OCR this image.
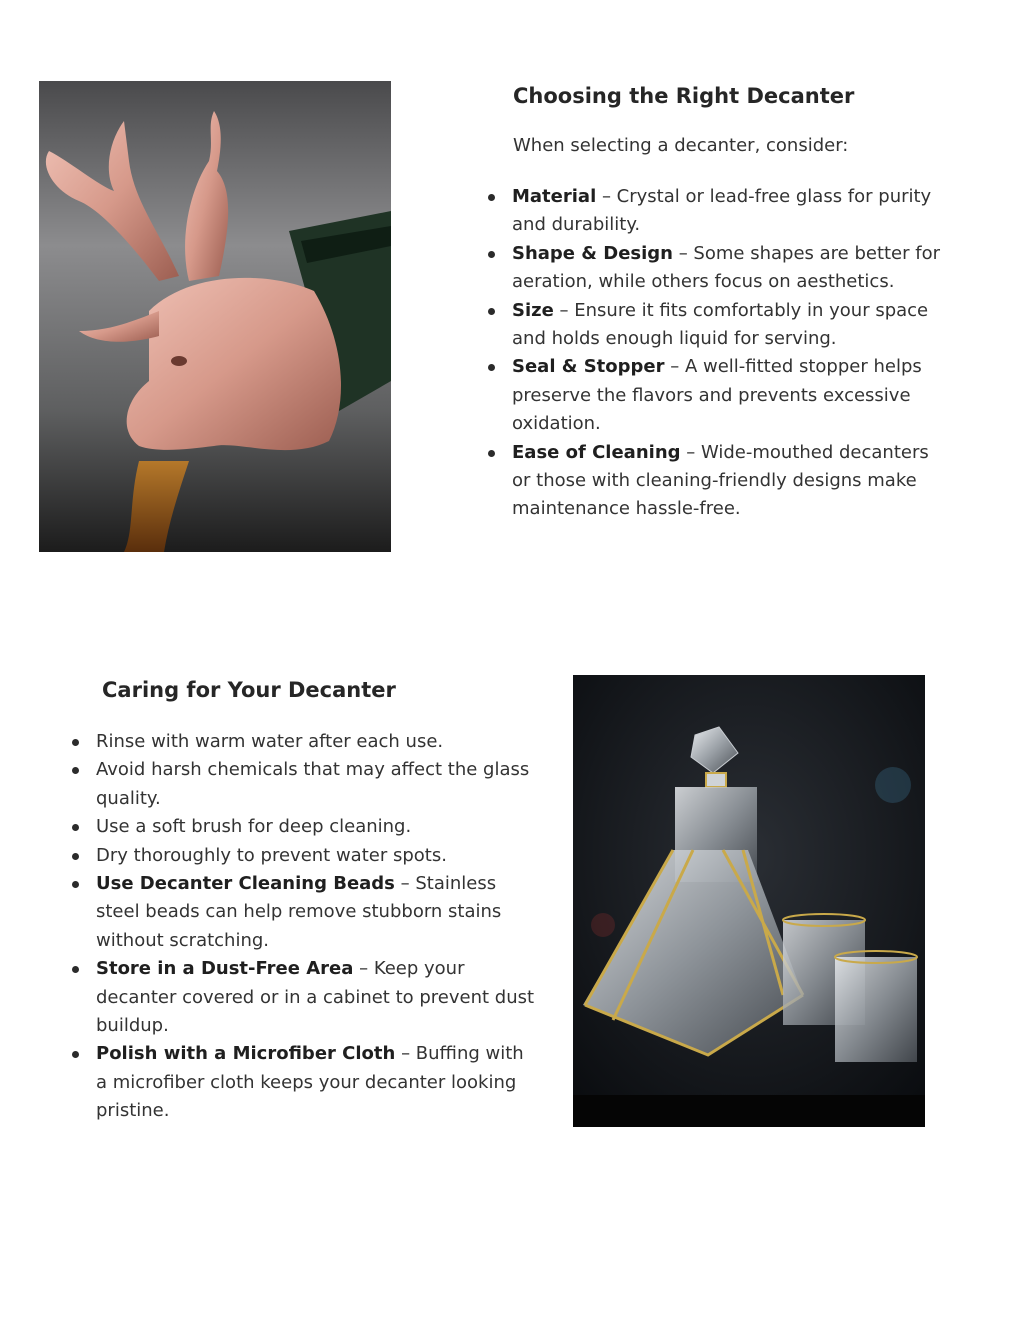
Choosing the Right Decanter

When selecting a decanter, consider:

Material – Crystal or lead-free glass for purity and durability.
Shape & Design – Some shapes are better for aeration, while others focus on aesthetics.
Size – Ensure it fits comfortably in your space and holds enough liquid for serving.
Seal & Stopper – A well-fitted stopper helps preserve the flavors and prevents excessive oxidation.
Ease of Cleaning – Wide-mouthed decanters or those with cleaning-friendly designs make maintenance hassle-free.
Caring for Your Decanter
Rinse with warm water after each use.
Avoid harsh chemicals that may affect the glass quality.
Use a soft brush for deep cleaning.
Dry thoroughly to prevent water spots.
Use Decanter Cleaning Beads – Stainless steel beads can help remove stubborn stains without scratching.
Store in a Dust-Free Area – Keep your decanter covered or in a cabinet to prevent dust buildup.
Polish with a Microfiber Cloth – Buffing with a microfiber cloth keeps your decanter looking pristine.
